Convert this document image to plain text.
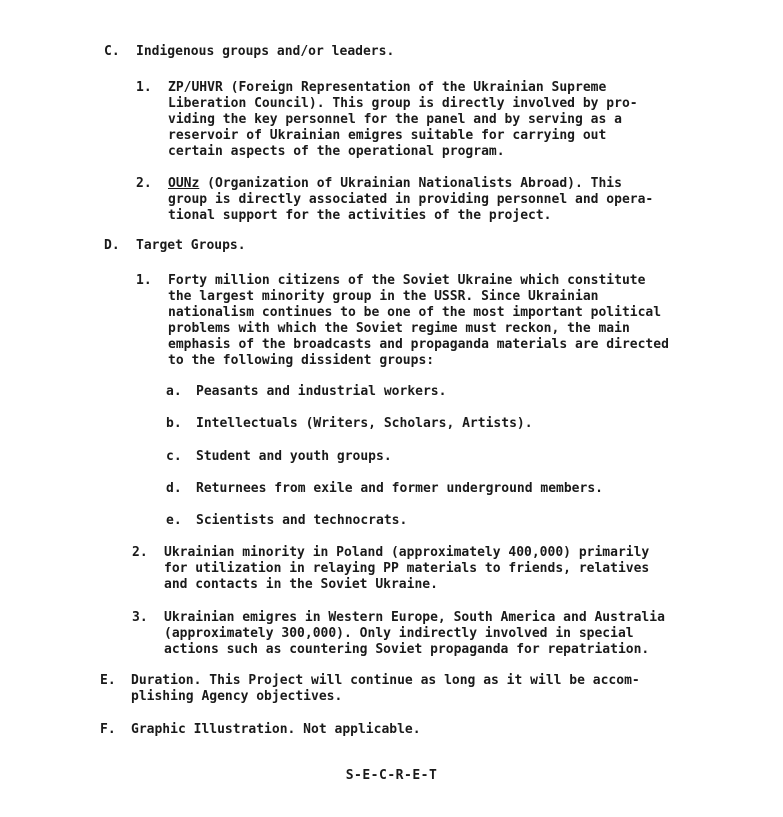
C.	Indigenous groups and/or leaders.
1.	ZP/UHVR (Foreign Representation of the Ukrainian Supreme
Liberation Council). This group is directly involved by pro-
viding the key personnel for the panel and by serving as a
reservoir of Ukrainian emigres suitable for carrying out
certain aspects of the operational program.
2.	OUNz (Organization of Ukrainian Nationalists Abroad). This
group is directly associated in providing personnel and opera-
tional support for the activities of the project.
D.	Target Groups.
1.	Forty million citizens of the Soviet Ukraine which constitute
the largest minority group in the USSR. Since Ukrainian
nationalism continues to be one of the most important political
problems with which the Soviet regime must reckon, the main
emphasis of the broadcasts and propaganda materials are directed
to the following dissident groups:
a.	Peasants and industrial workers.
b.	Intellectuals (Writers, Scholars, Artists).
c.	Student and youth groups.
d.	Returnees from exile and former underground members.
e.	Scientists and technocrats.
2.	Ukrainian minority in Poland (approximately 400,000) primarily
for utilization in relaying PP materials to friends, relatives
and contacts in the Soviet Ukraine.
3.	Ukrainian emigres in Western Europe, South America and Australia
(approximately 300,000). Only indirectly involved in special
actions such as countering Soviet propaganda for repatriation.
E.	Duration. This Project will continue as long as it will be accom-
plishing Agency objectives.
F.	Graphic Illustration. Not applicable.
S-E-C-R-E-T
